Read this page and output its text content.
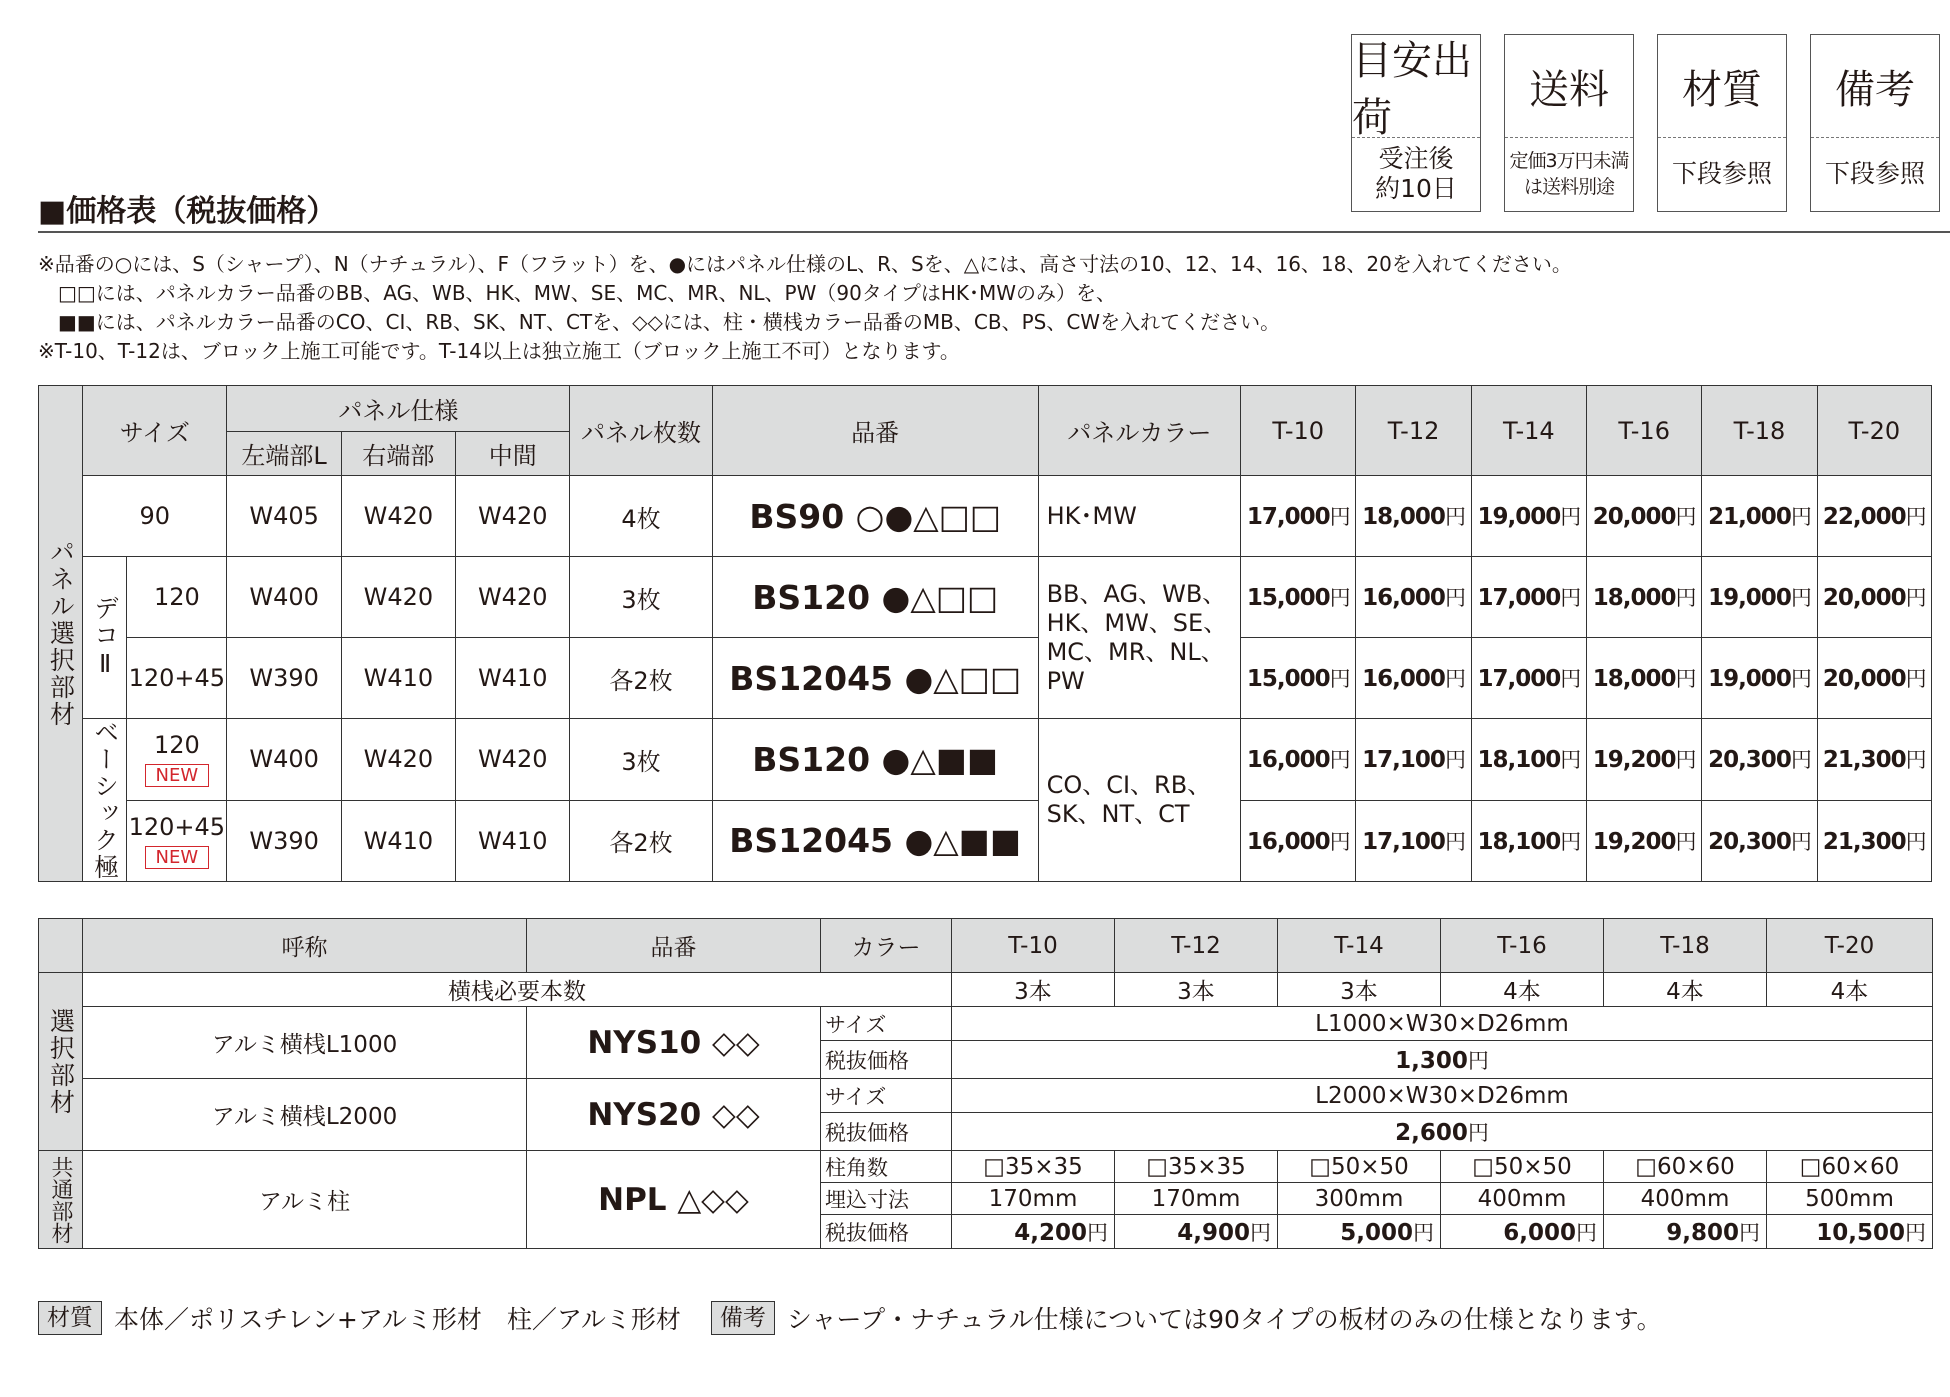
目安出荷
受注後
約10日
送料
定価3万円未満
は送料別途
材質
下段参照
備考
下段参照
■価格表（税抜価格）
※品番の○には、S（シャープ）、N（ナチュラル）、F（フラット）を、●にはパネル仕様のL、R、Sを、△には、高さ寸法の10、12、14、16、18、20を入れてください。
　□□には、パネルカラー品番のBB、AG、WB、HK、MW、SE、MC、MR、NL、PW（90タイプはHK･MWのみ）を、
　■■には、パネルカラー品番のCO、CI、RB、SK、NT、CTを、◇◇には、柱・横桟カラー品番のMB、CB、PS、CWを入れてください。
※T-10、T-12は、ブロック上施工可能です。T-14以上は独立施工（ブロック上施工不可）となります。
パネル選択部材	サイズ		パネル仕様			パネル枚数	品番	パネルカラー	T-10	T-12	T-14	T-16	T-18	T-20
			左端部L	右端部	中間									
	90		W405	W420	W420	4枚	BS90 ○●△□□	HK･MW	17,000円	18,000円	19,000円	20,000円	21,000円	22,000円

	デコⅡ	120	W400	W420	W420	3枚	BS120 ●△□□	BB、AG、WB、
HK、MW、SE、
MC、MR、NL、
PW	15,000円	16,000円	17,000円	18,000円	19,000円	20,000円
		120+45	W390	W410	W410	各2枚	BS12045 ●△□□		15,000円	16,000円	17,000円	18,000円	19,000円	20,000円

	ベーシック極	120
NEW	W400	W420	W420	3枚	BS120 ●△■■	CO、CI、RB、
SK、NT、CT	16,000円	17,100円	18,100円	19,200円	20,300円	21,300円

		120+45
NEW	W390	W410	W410	各2枚	BS12045 ●△■■		16,000円	17,100円	18,100円	19,200円	20,300円	21,300円
	呼称	品番	カラー	T-10	T-12	T-14	T-16	T-18	T-20

選択部材	横桟必要本数			3本	3本	3本	4本	4本	4本
	アルミ横桟L1000	NYS10 ◇◇	サイズ	L1000×W30×D26mm					
			税抜価格	1,300円					
	アルミ横桟L2000	NYS20 ◇◇	サイズ	L2000×W30×D26mm					
			税抜価格	2,600円					

共通部材	アルミ柱	NPL △◇◇	柱角数	□35×35	□35×35	□50×50	□50×50	□60×60	□60×60
			埋込寸法	170mm	170mm	300mm	400mm	400mm	500mm
			税抜価格	4,200円	4,900円	5,000円	6,000円	9,800円	10,500円
材質 本体／ポリスチレン+アルミ形材　柱／アルミ形材	備考 シャープ・ナチュラル仕様については90タイプの板材のみの仕様となります。
